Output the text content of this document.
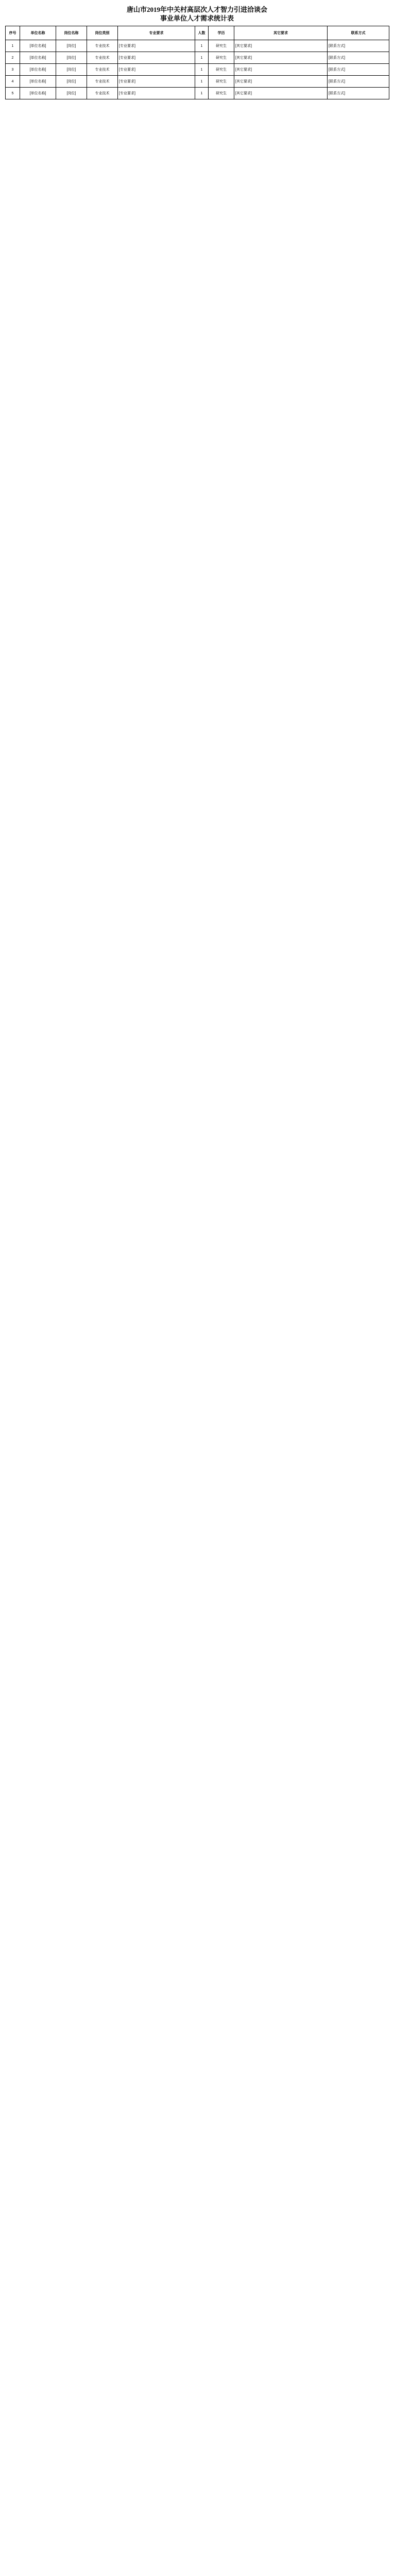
唐山市2019年中关村高层次人才智力引进洽谈会
事业单位人才需求统计表
序号	单位名称	岗位名称	岗位类别	专业要求	人数	学历	其它要求	联系方式
1	[单位名称]	[岗位]	专业技术	[专业要求]	1	研究生	[其它要求]	[联系方式]
2	[单位名称]	[岗位]	专业技术	[专业要求]	1	研究生	[其它要求]	[联系方式]
3	[单位名称]	[岗位]	专业技术	[专业要求]	1	研究生	[其它要求]	[联系方式]
4	[单位名称]	[岗位]	专业技术	[专业要求]	1	研究生	[其它要求]	[联系方式]
5	[单位名称]	[岗位]	专业技术	[专业要求]	1	研究生	[其它要求]	[联系方式]
